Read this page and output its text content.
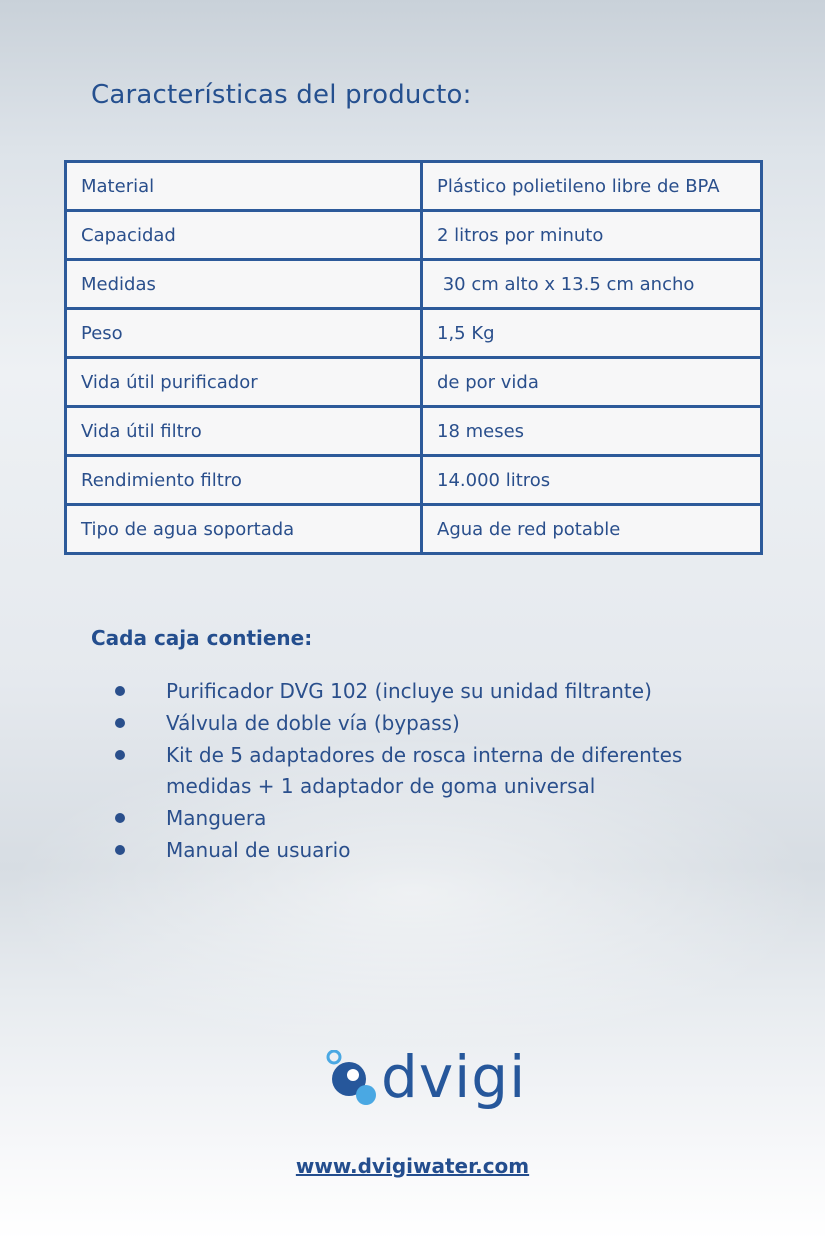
Características del producto:
Material	Plástico polietileno libre de BPA
Capacidad	2 litros por minuto
Medidas	30 cm alto x 13.5 cm ancho
Peso	1,5 Kg
Vida útil purificador	de por vida
Vida útil filtro	18 meses
Rendimiento filtro	14.000 litros
Tipo de agua soportada	Agua de red potable
Cada caja contiene:
Purificador DVG 102 (incluye su unidad filtrante)
Válvula de doble vía (bypass)
Kit de 5 adaptadores de rosca interna de diferentes medidas + 1 adaptador de goma universal
Manguera
Manual de usuario
dvigi
www.dvigiwater.com
